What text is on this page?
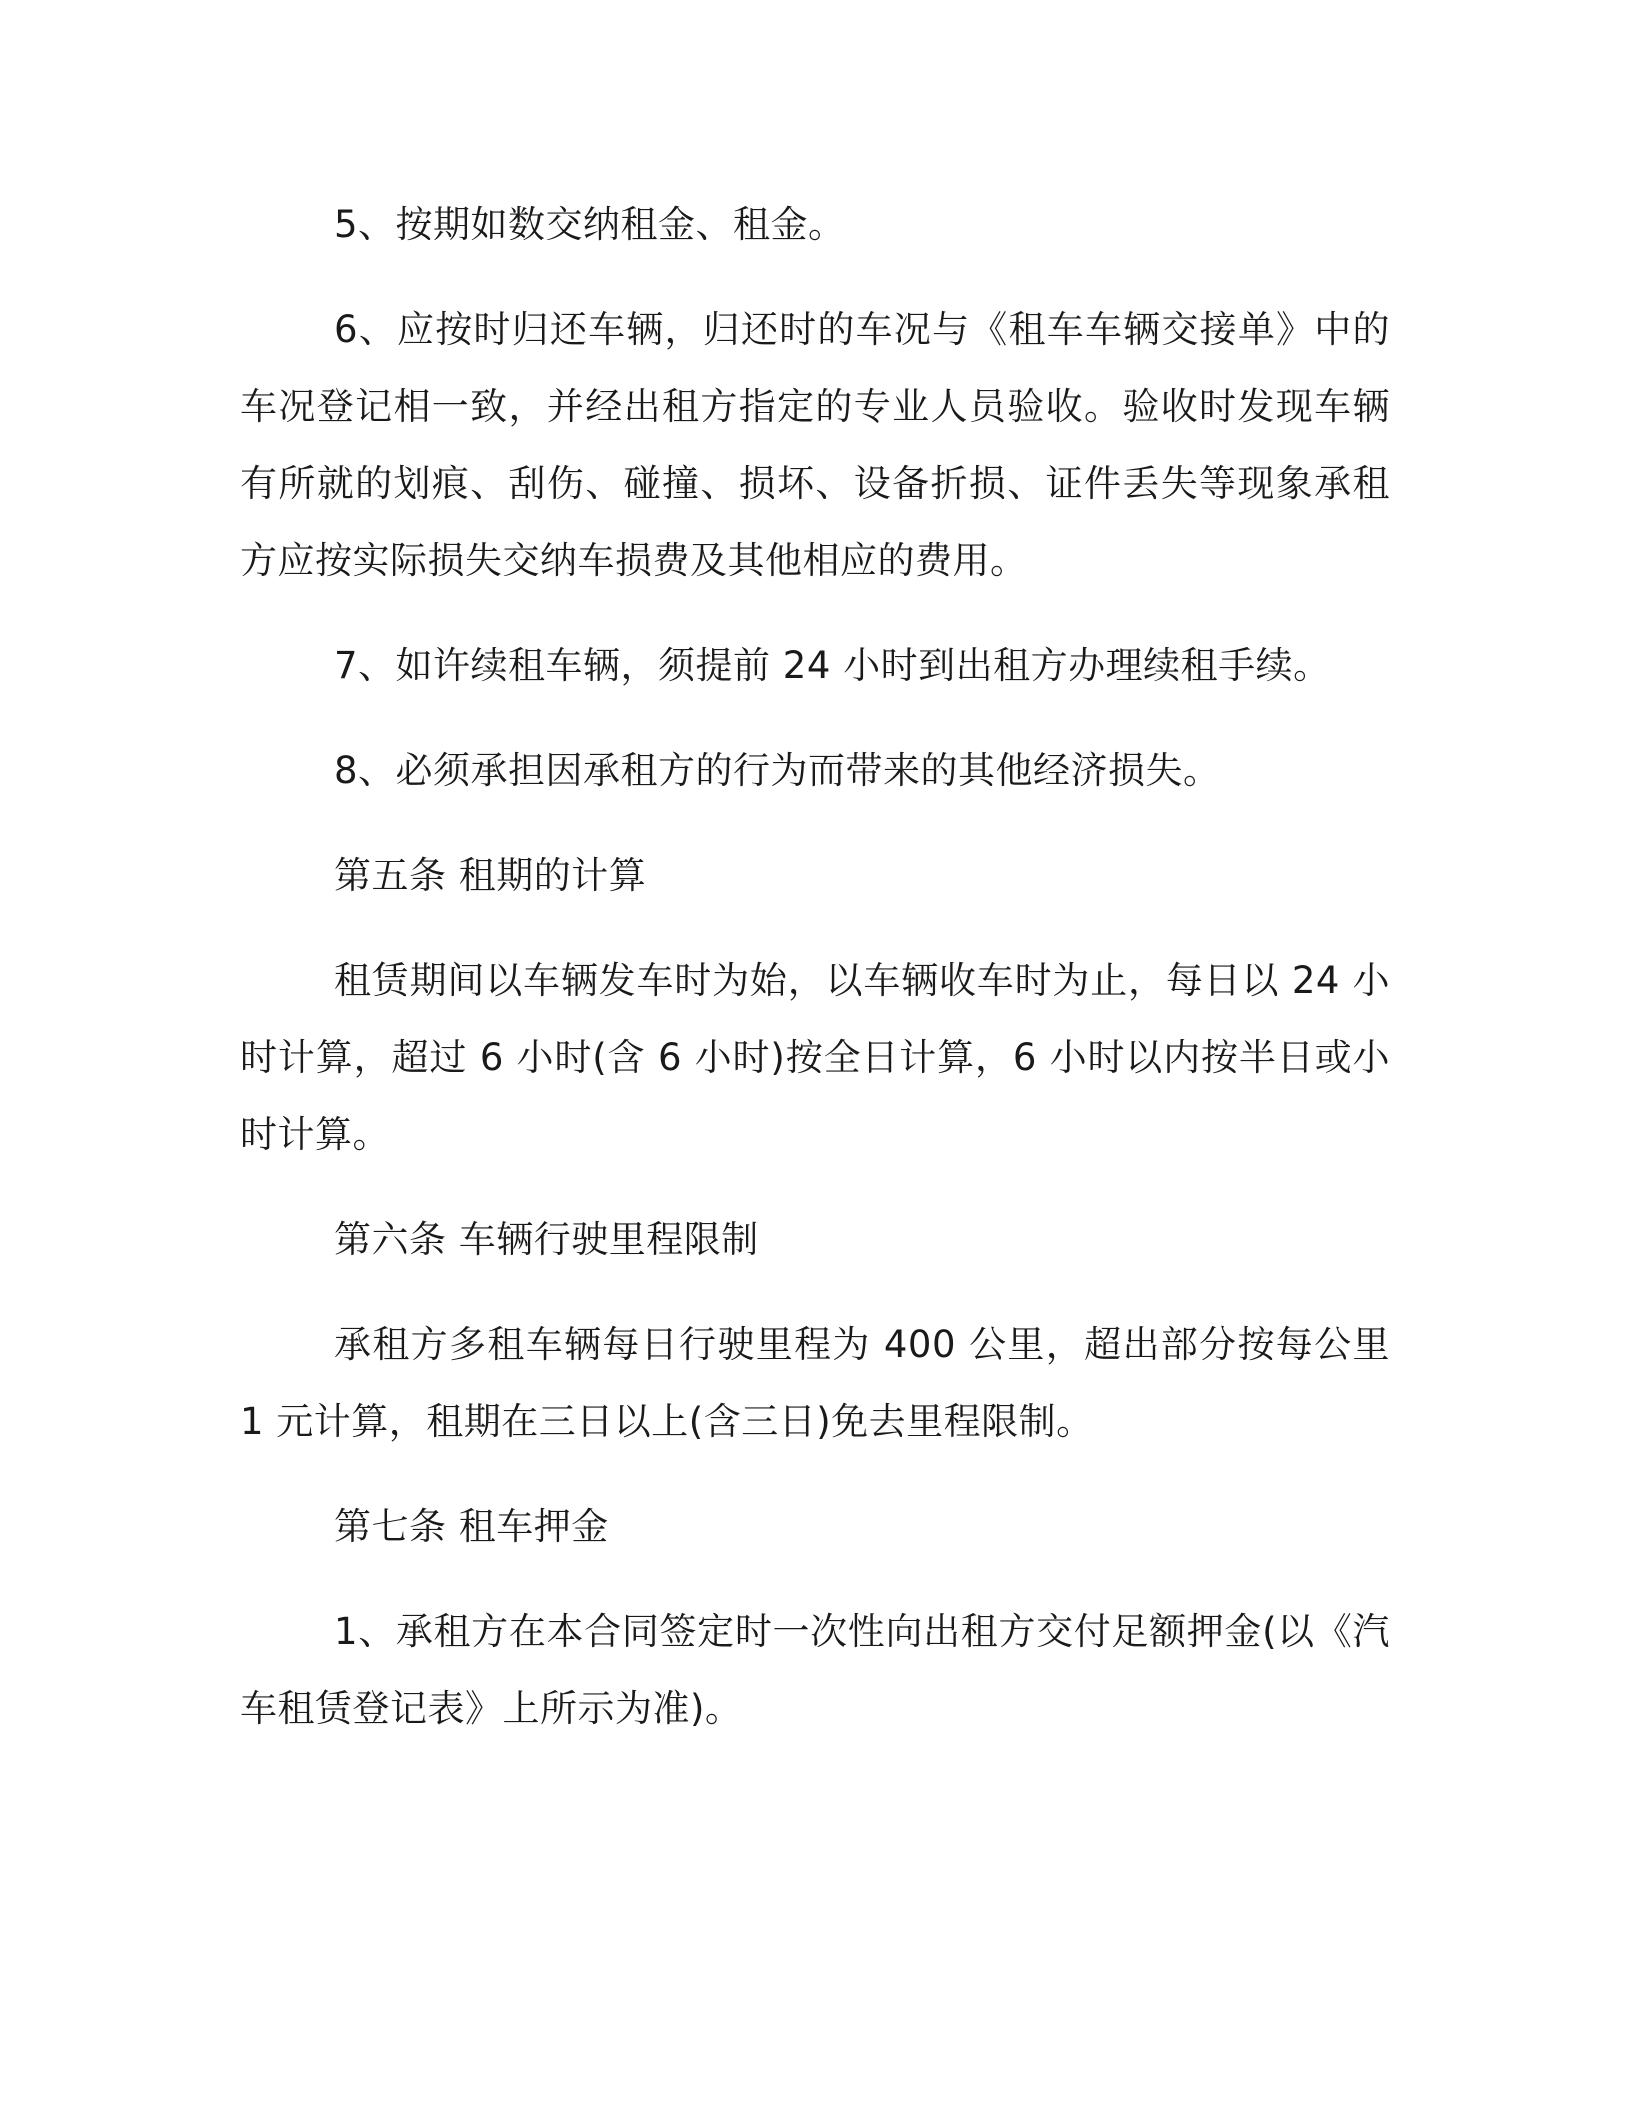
5、按期如数交纳租金、租金。

6、应按时归还车辆，归还时的车况与《租车车辆交接单》中的车况登记相一致，并经出租方指定的专业人员验收。验收时发现车辆有所就的划痕、刮伤、碰撞、损坏、设备折损、证件丢失等现象承租方应按实际损失交纳车损费及其他相应的费用。

7、如许续租车辆，须提前 24 小时到出租方办理续租手续。

8、必须承担因承租方的行为而带来的其他经济损失。

第五条 租期的计算

租赁期间以车辆发车时为始，以车辆收车时为止，每日以 24 小时计算，超过 6 小时(含 6 小时)按全日计算，6 小时以内按半日或小时计算。

第六条 车辆行驶里程限制

承租方多租车辆每日行驶里程为 400 公里，超出部分按每公里 1 元计算，租期在三日以上(含三日)免去里程限制。

第七条 租车押金

1、承租方在本合同签定时一次性向出租方交付足额押金(以《汽车租赁登记表》上所示为准)。
